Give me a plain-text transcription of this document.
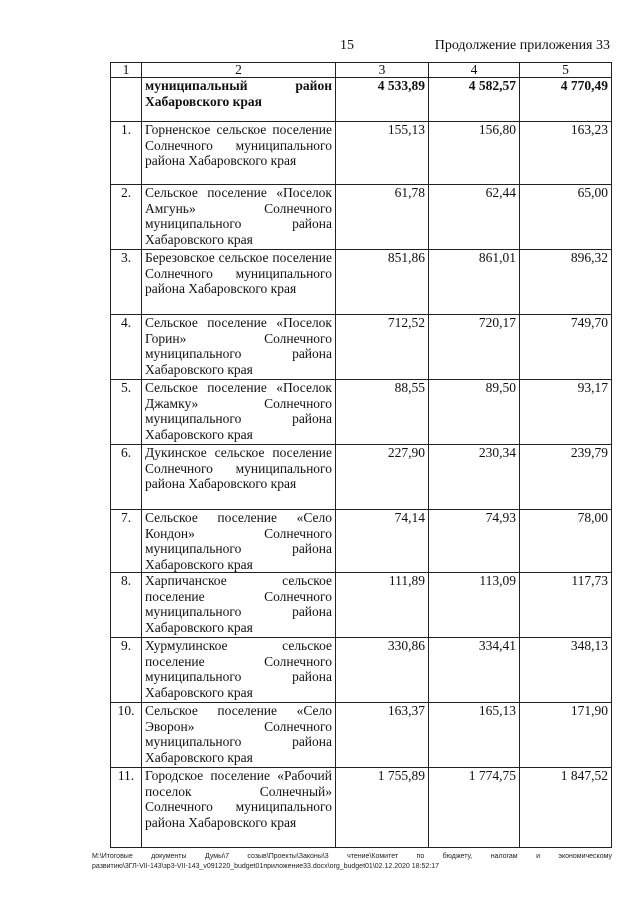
15	Продолжение приложения 33
1	2	3	4	5
	муниципальный район Хабаровского края	4 533,89	4 582,57	4 770,49
1.	Горненское сельское поселение Солнечного муниципального района Хабаровского края	155,13	156,80	163,23
2.	Сельское поселение «Поселок Амгунь» Солнечного муниципального района Хабаровского края	61,78	62,44	65,00
3.	Березовское сельское поселение Солнечного муниципального района Хабаровского края	851,86	861,01	896,32
4.	Сельское поселение «Поселок Горин» Солнечного муниципального района Хабаровского края	712,52	720,17	749,70
5.	Сельское поселение «Поселок Джамку» Солнечного муниципального района Хабаровского края	88,55	89,50	93,17
6.	Дукинское сельское поселение Солнечного муниципального района Хабаровского края	227,90	230,34	239,79
7.	Сельское поселение «Село Кондон» Солнечного муниципального района Хабаровского края	74,14	74,93	78,00
8.	Харпичанское сельское поселение Солнечного муниципального района Хабаровского края	111,89	113,09	117,73
9.	Хурмулинское сельское поселение Солнечного муниципального района Хабаровского края	330,86	334,41	348,13
10.	Сельское поселение «Село Эворон» Солнечного муниципального района Хабаровского края	163,37	165,13	171,90
11.	Городское поселение «Рабочий поселок Солнечный» Солнечного муниципального района Хабаровского края	1 755,89	1 774,75	1 847,52
М:\Итоговые документы Думы\7 созыв\Проекты\Законы\3 чтение\Комитет по бюджету, налогам и экономическому
развитию\3ГЛ-VII-143\зр3-VII-143_v091220_budget01приложение33.docx\org_budget01\02.12.2020 18:52:17
